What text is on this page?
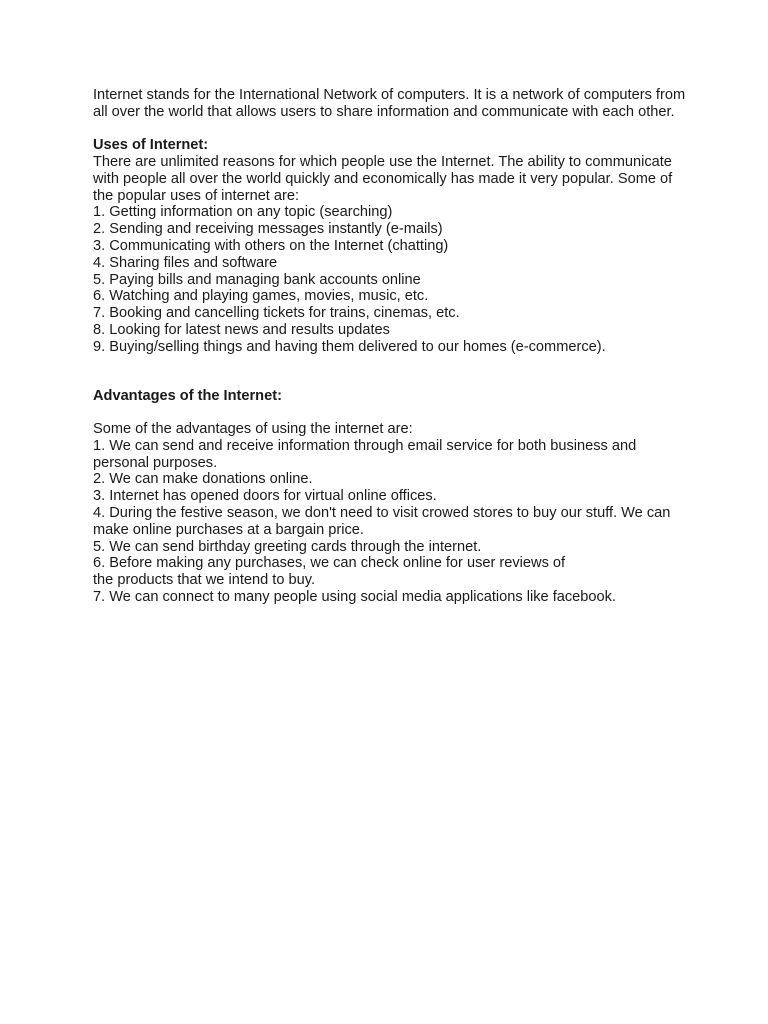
Internet stands for the International Network of computers. It is a network of computers from all over the world that allows users to share information and communicate with each other.

Uses of Internet:

There are unlimited reasons for which people use the Internet. The ability to communicate with people all over the world quickly and economically has made it very popular. Some of the popular uses of internet are:

1. Getting information on any topic (searching)

2. Sending and receiving messages instantly (e-mails)

3. Communicating with others on the Internet (chatting)

4. Sharing files and software

5. Paying bills and managing bank accounts online

6. Watching and playing games, movies, music, etc.

7. Booking and cancelling tickets for trains, cinemas, etc.

8. Looking for latest news and results updates

9. Buying/selling things and having them delivered to our homes (e-commerce).

Advantages of the Internet:

Some of the advantages of using the internet are:

1. We can send and receive information through email service for both business and personal purposes.

2. We can make donations online.

3. Internet has opened doors for virtual online offices.

4. During the festive season, we don't need to visit crowed stores to buy our stuff. We can make online purchases at a bargain price.

5. We can send birthday greeting cards through the internet.

6. Before making any purchases, we can check online for user reviews of

the products that we intend to buy.

7. We can connect to many people using social media applications like facebook.
